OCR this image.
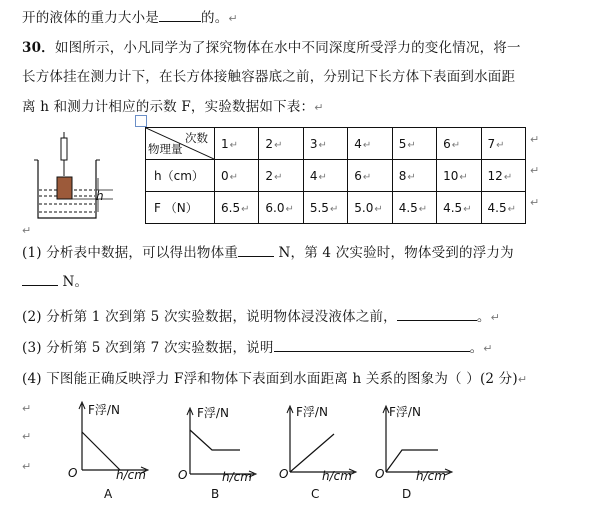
开的液体的重力大小是	的。↵
30．如图所示，小凡同学为了探究物体在水中不同深度所受浮力的变化情况，将一
长方体挂在测力计下，在长方体接触容器底之前，分别记下长方体下表面到水面距
离 h 和测力计相应的示数 F，实验数据如下表：↵
h
次数
物理量	1↵	2↵	3↵	4↵	5↵	6↵	7↵
h（cm）	0↵	2↵	4↵	6↵	8↵	10↵	12↵
F （N）	6.5↵	6.0↵	5.5↵	5.0↵	4.5↵	4.5↵	4.5↵
↵
↵
↵
↵
(1) 分析表中数据，可以得出物体重	N，第 4 次实验时，物体受到的浮力为
N。
(2) 分析第 1 次到第 5 次实验数据，说明物体浸没液体之前，	。↵
(3) 分析第 5 次到第 7 次实验数据，说明	。↵
(4) 下图能正确反映浮力 F浮和物体下表面到水面距离 h 关系的图象为（ ）(2 分)↵
↵
↵
↵
F浮/N
O	h/cm
A
F浮/N
O	h/cm
B
F浮/N
O	h/cm
C
F浮/N
O	h/cm
D
